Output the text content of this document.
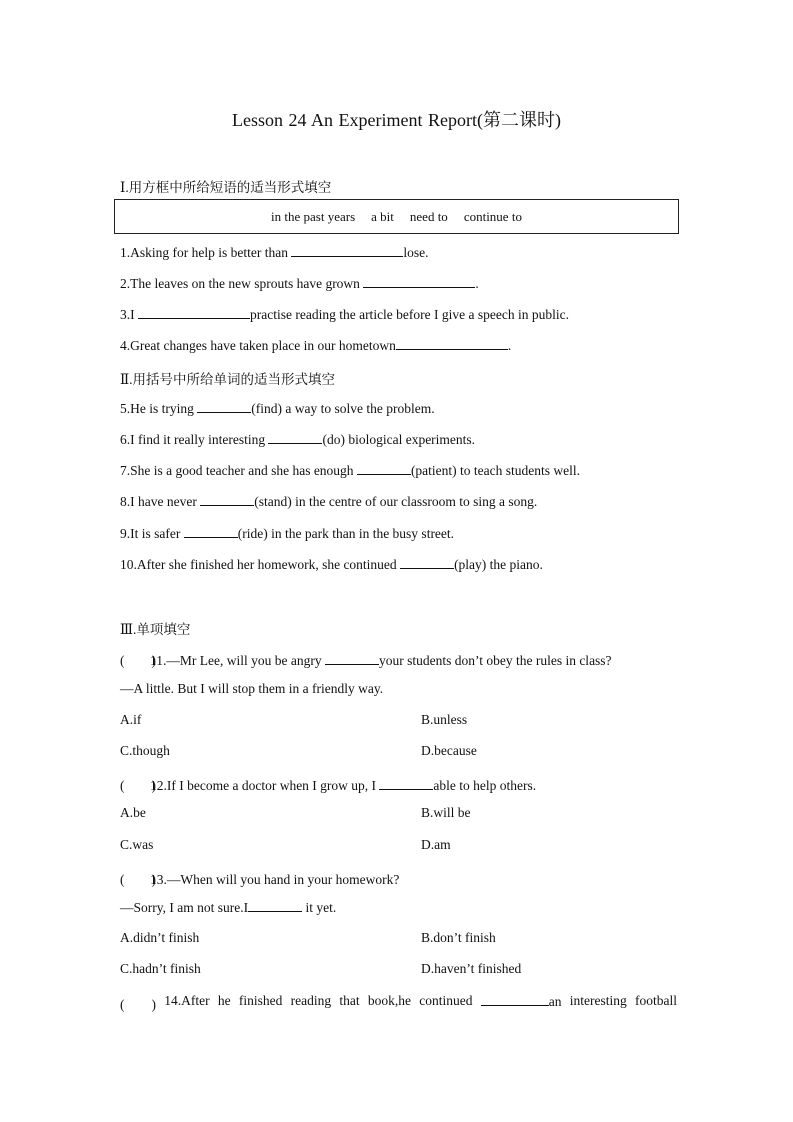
Lesson 24 An Experiment Report(第二课时)
Ⅰ.用方框中所给短语的适当形式填空
in the past years a bit need to continue to
1.Asking for help is better than	lose.
2.The leaves on the new sprouts have grown	.
3.I	practise reading the article before I give a speech in public.
4.Great changes have taken place in our hometown	.
Ⅱ.用括号中所给单词的适当形式填空
5.He is trying	(find) a way to solve the problem.
6.I find it really interesting	(do) biological experiments.
7.She is a good teacher and she has enough	(patient) to teach students well.
8.I have never	(stand) in the centre of our classroom to sing a song.
9.It is safer	(ride) in the park than in the busy street.
10.After she finished her homework, she continued	(play) the piano.
Ⅲ.单项填空
(　　)11.—Mr Lee, will you be angry	your students don’t obey the rules in class?
—A little. But I will stop them in a friendly way.
A.if	B.unless
C.though	D.because
(　　)12.If I become a doctor when I grow up, I	able to help others.
A.be	B.will be
C.was	D.am
(　　)13.—When will you hand in your homework?
—Sorry, I am not sure.I	it yet.
A.didn’t finish	B.don’t finish
C.hadn’t finish	D.haven’t finished
(　　) 14.After he finished reading that book,he continued	an interesting football
